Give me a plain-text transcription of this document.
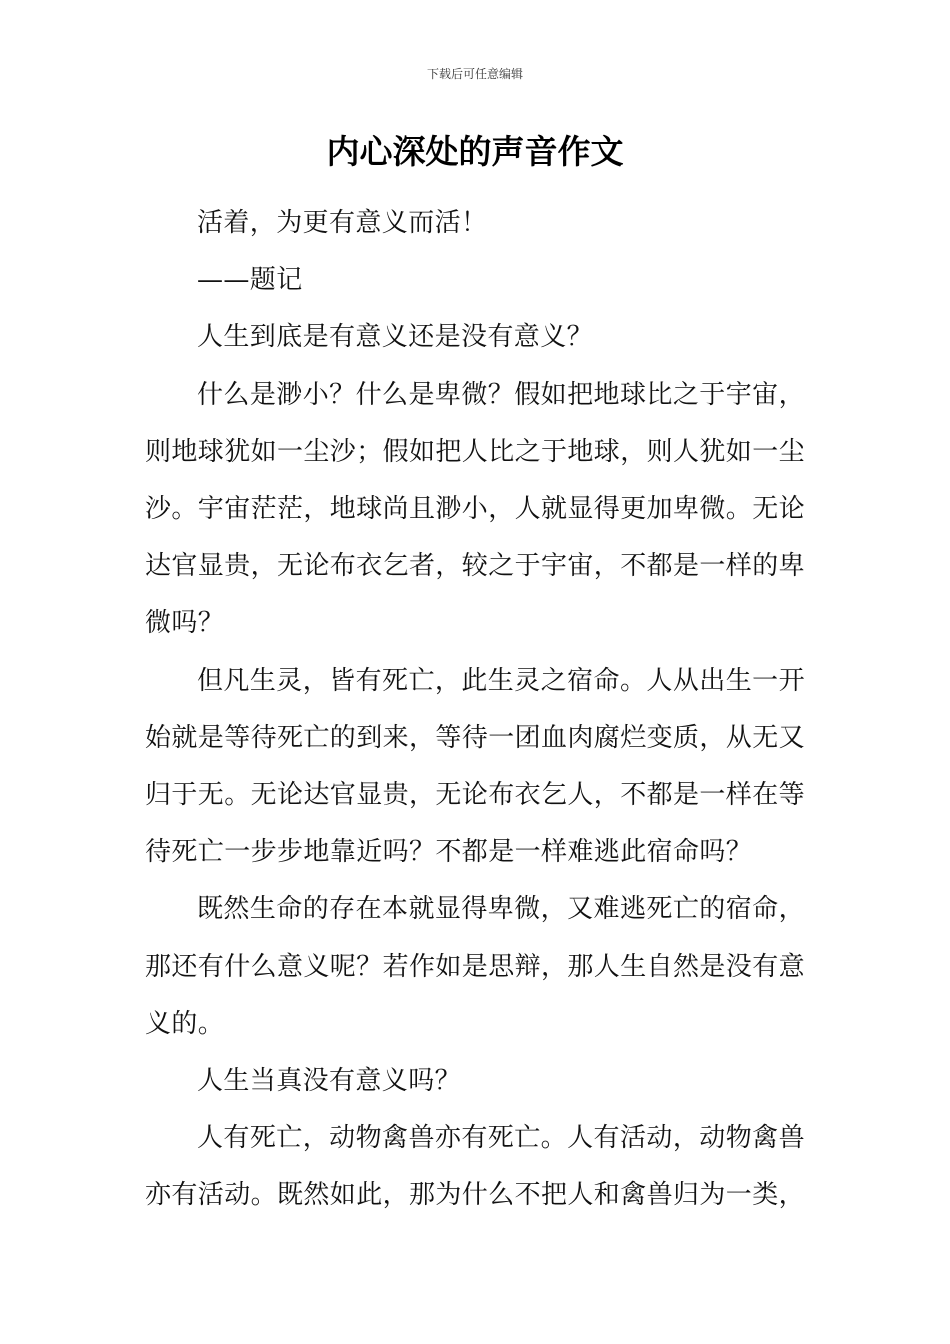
下载后可任意编辑
内心深处的声音作文

活着，为更有意义而活！

——题记

人生到底是有意义还是没有意义？

什么是渺小？什么是卑微？假如把地球比之于宇宙，则地球犹如一尘沙；假如把人比之于地球，则人犹如一尘沙。宇宙茫茫，地球尚且渺小，人就显得更加卑微。无论达官显贵，无论布衣乞者，较之于宇宙，不都是一样的卑微吗？

但凡生灵，皆有死亡，此生灵之宿命。人从出生一开始就是等待死亡的到来，等待一团血肉腐烂变质，从无又归于无。无论达官显贵，无论布衣乞人，不都是一样在等待死亡一步步地靠近吗？不都是一样难逃此宿命吗？

既然生命的存在本就显得卑微，又难逃死亡的宿命，那还有什么意义呢？若作如是思辩，那人生自然是没有意义的。

人生当真没有意义吗？

人有死亡，动物禽兽亦有死亡。人有活动，动物禽兽亦有活动。既然如此，那为什么不把人和禽兽归为一类，
